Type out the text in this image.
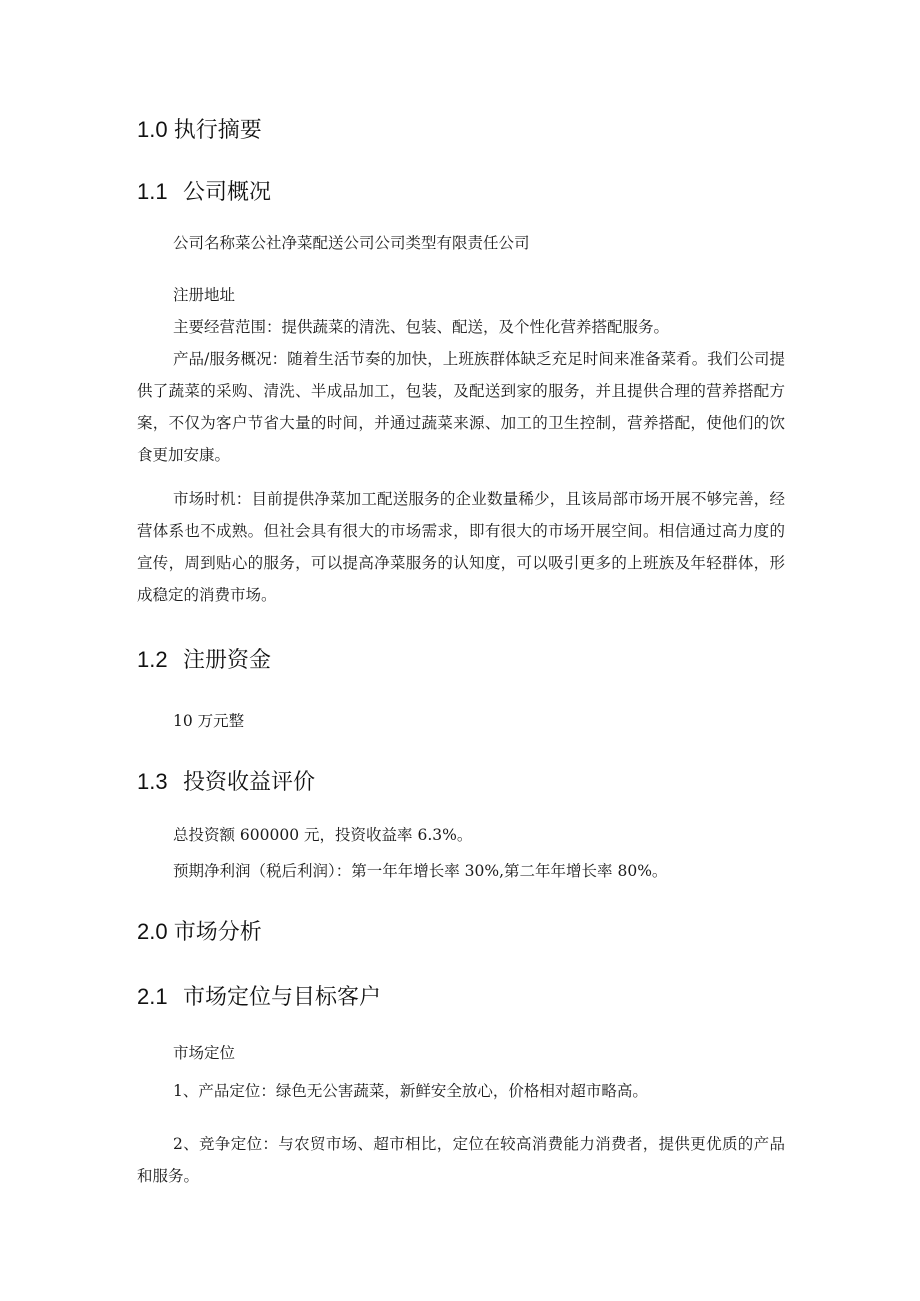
1.0 执行摘要
1.1 公司概况
公司名称菜公社净菜配送公司公司类型有限责任公司
注册地址
主要经营范围：提供蔬菜的清洗、包装、配送，及个性化营养搭配服务。
产品/服务概况：随着生活节奏的加快，上班族群体缺乏充足时间来准备菜肴。我们公司提供了蔬菜的采购、清洗、半成品加工，包装，及配送到家的服务，并且提供合理的营养搭配方案，不仅为客户节省大量的时间，并通过蔬菜来源、加工的卫生控制，营养搭配，使他们的饮食更加安康。
市场时机：目前提供净菜加工配送服务的企业数量稀少，且该局部市场开展不够完善，经营体系也不成熟。但社会具有很大的市场需求，即有很大的市场开展空间。相信通过高力度的宣传，周到贴心的服务，可以提高净菜服务的认知度，可以吸引更多的上班族及年轻群体，形成稳定的消费市场。
1.2 注册资金
10 万元整
1.3 投资收益评价
总投资额 600000 元，投资收益率 6.3%。
预期净利润（税后利润）：第一年年增长率 30%,第二年年增长率 80%。
2.0 市场分析
2.1 市场定位与目标客户
市场定位
1、产品定位：绿色无公害蔬菜，新鲜安全放心，价格相对超市略高。
2、竞争定位：与农贸市场、超市相比，定位在较高消费能力消费者，提供更优质的产品和服务。
